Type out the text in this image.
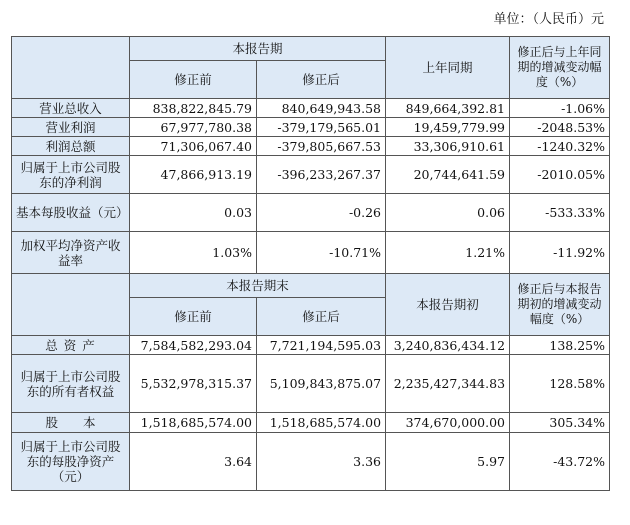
单位：（人民币）元
	本报告期		上年同期	修正后与上年同期的增减变动幅度（%）
	修正前	修正后		
营业总收入	838,822,845.79	840,649,943.58	849,664,392.81	-1.06%
营业利润	67,977,780.38	-379,179,565.01	19,459,779.99	-2048.53%
利润总额	71,306,067.40	-379,805,667.53	33,306,910.61	-1240.32%
归属于上市公司股东的净利润	47,866,913.19	-396,233,267.37	20,744,641.59	-2010.05%
基本每股收益（元）	0.03	-0.26	0.06	-533.33%
加权平均净资产收益率	1.03%	-10.71%	1.21%	-11.92%
	本报告期末		本报告期初	修正后与本报告期初的增减变动幅度（%）
	修正前	修正后		
总 资 产	7,584,582,293.04	7,721,194,595.03	3,240,836,434.12	138.25%
归属于上市公司股东的所有者权益	5,532,978,315.37	5,109,843,875.07	2,235,427,344.83	128.58%
股　　本	1,518,685,574.00	1,518,685,574.00	374,670,000.00	305.34%
归属于上市公司股东的每股净资产（元）	3.64	3.36	5.97	-43.72%
